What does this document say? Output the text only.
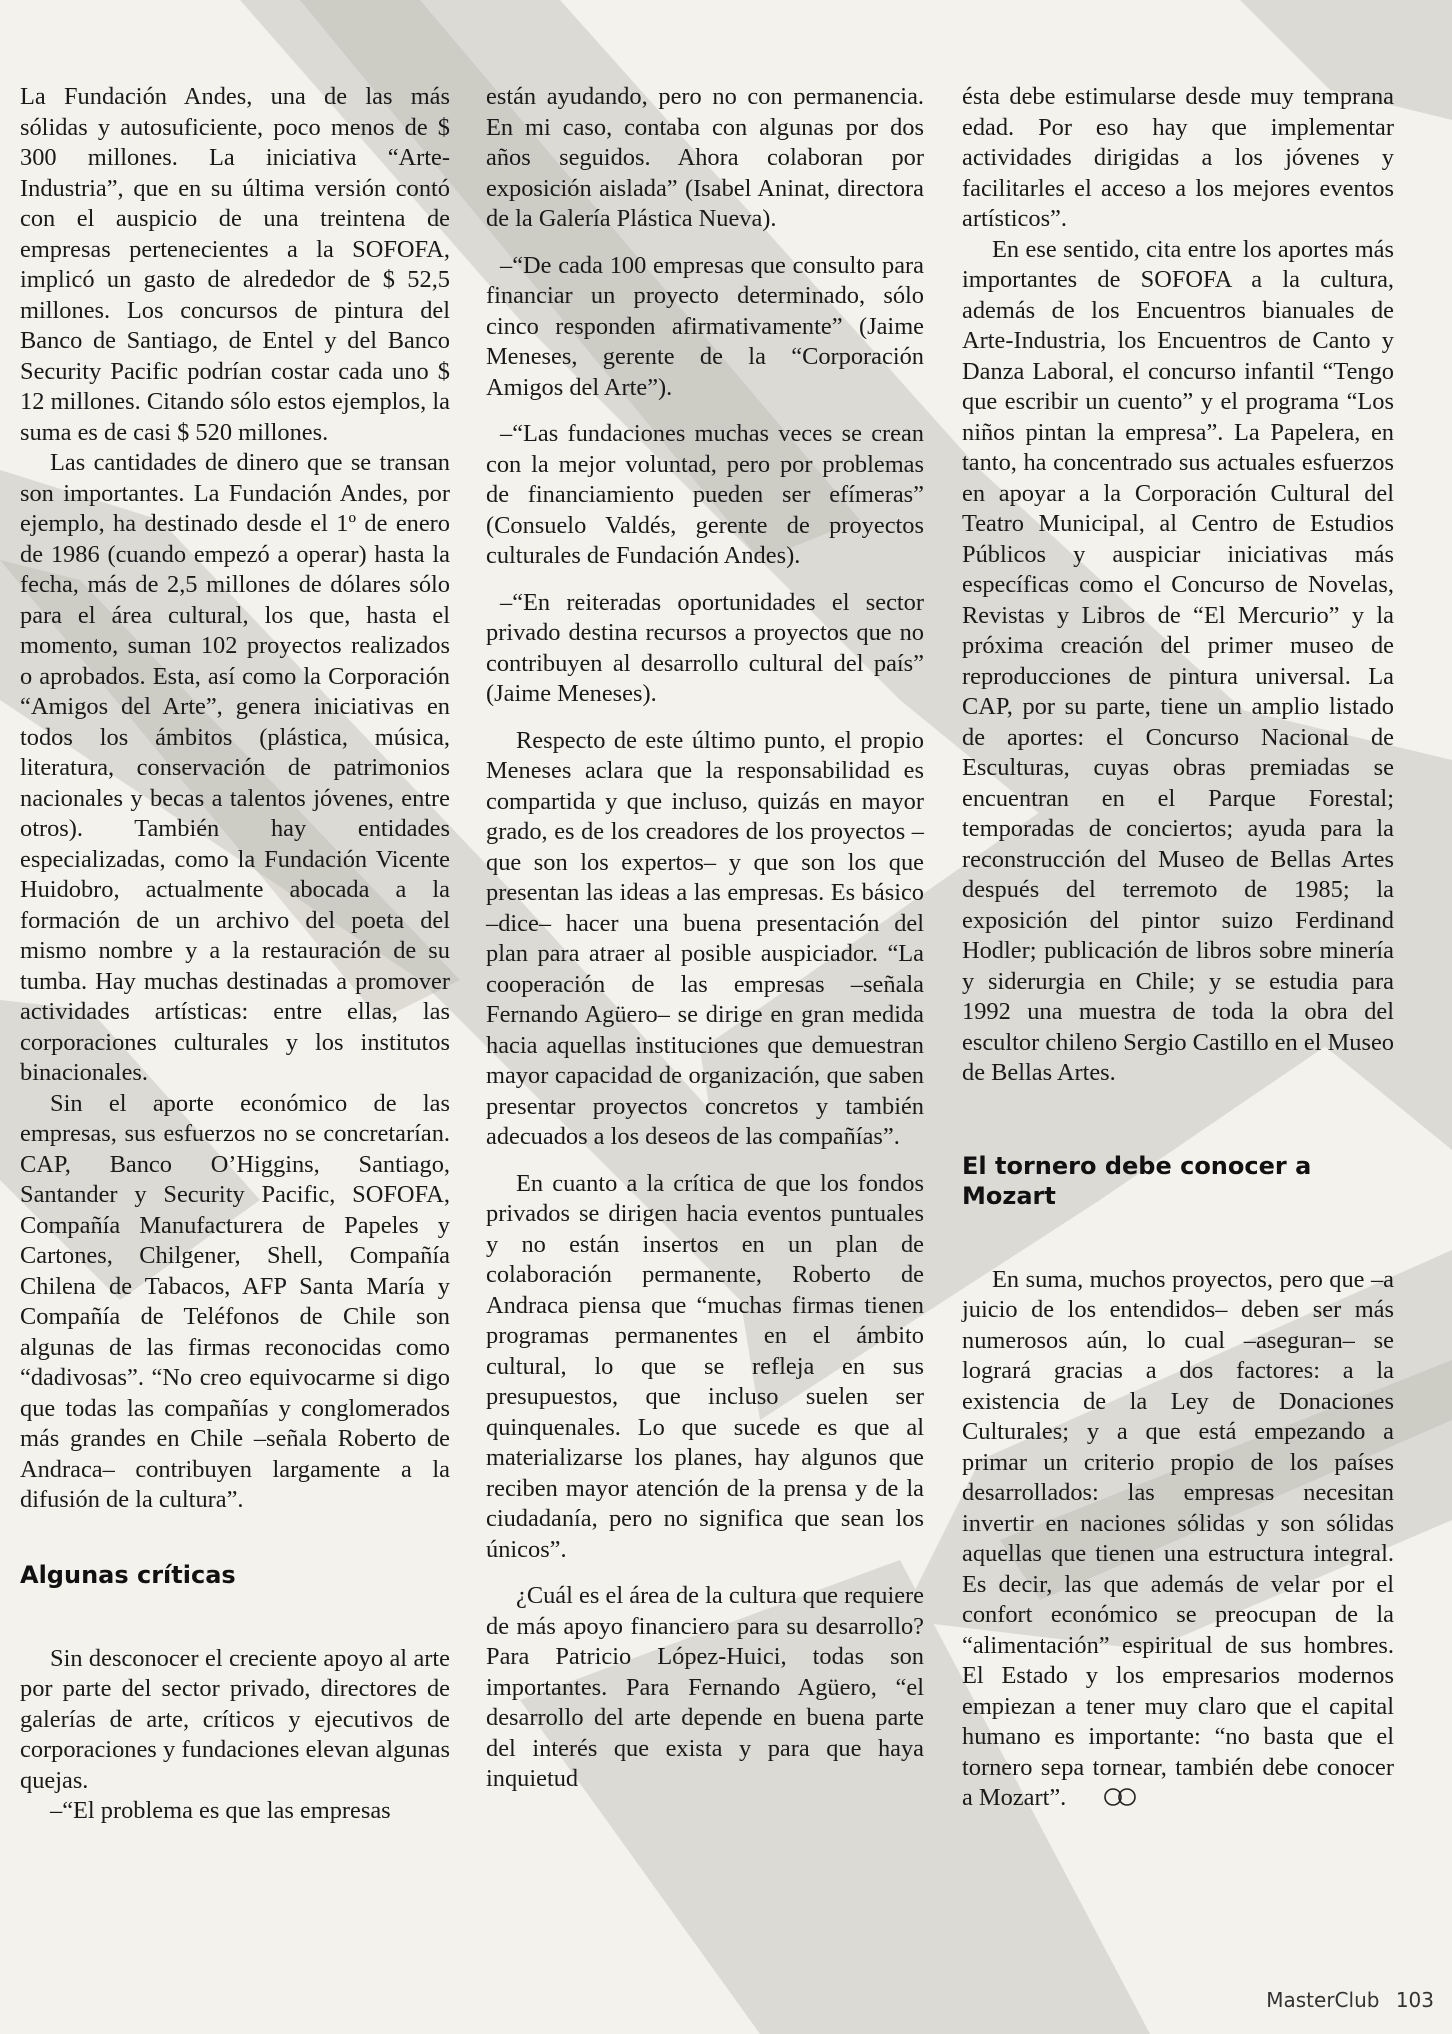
La Fundación Andes, una de las más sólidas y autosuficiente, poco menos de $ 300 millones. La iniciativa “Arte-Industria”, que en su última versión contó con el auspicio de una treintena de empresas pertenecientes a la SOFOFA, implicó un gasto de alrededor de $ 52,5 millones. Los concursos de pintura del Banco de Santiago, de Entel y del Banco Security Pacific podrían costar cada uno $ 12 millones. Citando sólo estos ejemplos, la suma es de casi $ 520 millones.

Las cantidades de dinero que se transan son importantes. La Fundación Andes, por ejemplo, ha destinado desde el 1º de enero de 1986 (cuando empezó a operar) hasta la fecha, más de 2,5 millones de dólares sólo para el área cultural, los que, hasta el momento, suman 102 proyectos realizados o aprobados. Esta, así como la Corporación “Amigos del Arte”, genera iniciativas en todos los ámbitos (plástica, música, literatura, conservación de patrimonios nacionales y becas a talentos jóvenes, entre otros). También hay entidades especializadas, como la Fundación Vicente Huidobro, actualmente abocada a la formación de un archivo del poeta del mismo nombre y a la restauración de su tumba. Hay muchas destinadas a promover actividades artísticas: entre ellas, las corporaciones culturales y los institutos binacionales.

Sin el aporte económico de las empresas, sus esfuerzos no se concretarían. CAP, Banco O’Higgins, Santiago, Santander y Security Pacific, SOFOFA, Compañía Manufacturera de Papeles y Cartones, Chilgener, Shell, Compañía Chilena de Tabacos, AFP Santa María y Compañía de Teléfonos de Chile son algunas de las firmas reconocidas como “dadivosas”. “No creo equivocarme si digo que todas las compañías y conglomerados más grandes en Chile –señala Roberto de Andraca– contribuyen largamente a la difusión de la cultura”.

Algunas críticas

Sin desconocer el creciente apoyo al arte por parte del sector privado, directores de galerías de arte, críticos y ejecutivos de corporaciones y fundaciones elevan algunas quejas.

–“El problema es que las empresas

están ayudando, pero no con permanencia. En mi caso, contaba con algunas por dos años seguidos. Ahora colaboran por exposición aislada” (Isabel Aninat, directora de la Galería Plástica Nueva).

–“De cada 100 empresas que consulto para financiar un proyecto determinado, sólo cinco responden afirmativamente” (Jaime Meneses, gerente de la “Corporación Amigos del Arte”).

–“Las fundaciones muchas veces se crean con la mejor voluntad, pero por problemas de financiamiento pueden ser efímeras” (Consuelo Valdés, gerente de proyectos culturales de Fundación Andes).

–“En reiteradas oportunidades el sector privado destina recursos a proyectos que no contribuyen al desarrollo cultural del país” (Jaime Meneses).

Respecto de este último punto, el propio Meneses aclara que la responsabilidad es compartida y que incluso, quizás en mayor grado, es de los creadores de los proyectos –que son los expertos– y que son los que presentan las ideas a las empresas. Es básico –dice– hacer una buena presentación del plan para atraer al posible auspiciador. “La cooperación de las empresas –señala Fernando Agüero– se dirige en gran medida hacia aquellas instituciones que demuestran mayor capacidad de organización, que saben presentar proyectos concretos y también adecuados a los deseos de las compañías”.

En cuanto a la crítica de que los fondos privados se dirigen hacia eventos puntuales y no están insertos en un plan de colaboración permanente, Roberto de Andraca piensa que “muchas firmas tienen programas permanentes en el ámbito cultural, lo que se refleja en sus presupuestos, que incluso suelen ser quinquenales. Lo que sucede es que al materializarse los planes, hay algunos que reciben mayor atención de la prensa y de la ciudadanía, pero no significa que sean los únicos”.

¿Cuál es el área de la cultura que requiere de más apoyo financiero para su desarrollo? Para Patricio López-Huici, todas son importantes. Para Fernando Agüero, “el desarrollo del arte depende en buena parte del interés que exista y para que haya inquietud

ésta debe estimularse desde muy temprana edad. Por eso hay que implementar actividades dirigidas a los jóvenes y facilitarles el acceso a los mejores eventos artísticos”.

En ese sentido, cita entre los aportes más importantes de SOFOFA a la cultura, además de los Encuentros bianuales de Arte-Industria, los Encuentros de Canto y Danza Laboral, el concurso infantil “Tengo que escribir un cuento” y el programa “Los niños pintan la empresa”. La Papelera, en tanto, ha concentrado sus actuales esfuerzos en apoyar a la Corporación Cultural del Teatro Municipal, al Centro de Estudios Públicos y auspiciar iniciativas más específicas como el Concurso de Novelas, Revistas y Libros de “El Mercurio” y la próxima creación del primer museo de reproducciones de pintura universal. La CAP, por su parte, tiene un amplio listado de aportes: el Concurso Nacional de Esculturas, cuyas obras premiadas se encuentran en el Parque Forestal; temporadas de conciertos; ayuda para la reconstrucción del Museo de Bellas Artes después del terremoto de 1985; la exposición del pintor suizo Ferdinand Hodler; publicación de libros sobre minería y siderurgia en Chile; y se estudia para 1992 una muestra de toda la obra del escultor chileno Sergio Castillo en el Museo de Bellas Artes.

El tornero debe conocer a Mozart

En suma, muchos proyectos, pero que –a juicio de los entendidos– deben ser más numerosos aún, lo cual –aseguran– se logrará gracias a dos factores: a la existencia de la Ley de Donaciones Culturales; y a que está empezando a primar un criterio propio de los países desarrollados: las empresas necesitan invertir en naciones sólidas y son sólidas aquellas que tienen una estructura integral. Es decir, las que además de velar por el confort económico se preocupan de la “alimentación” espiritual de sus hombres. El Estado y los empresarios modernos empiezan a tener muy claro que el capital humano es importante: “no basta que el tornero sepa tornear, también debe conocer a Mozart”.

MasterClub 103
